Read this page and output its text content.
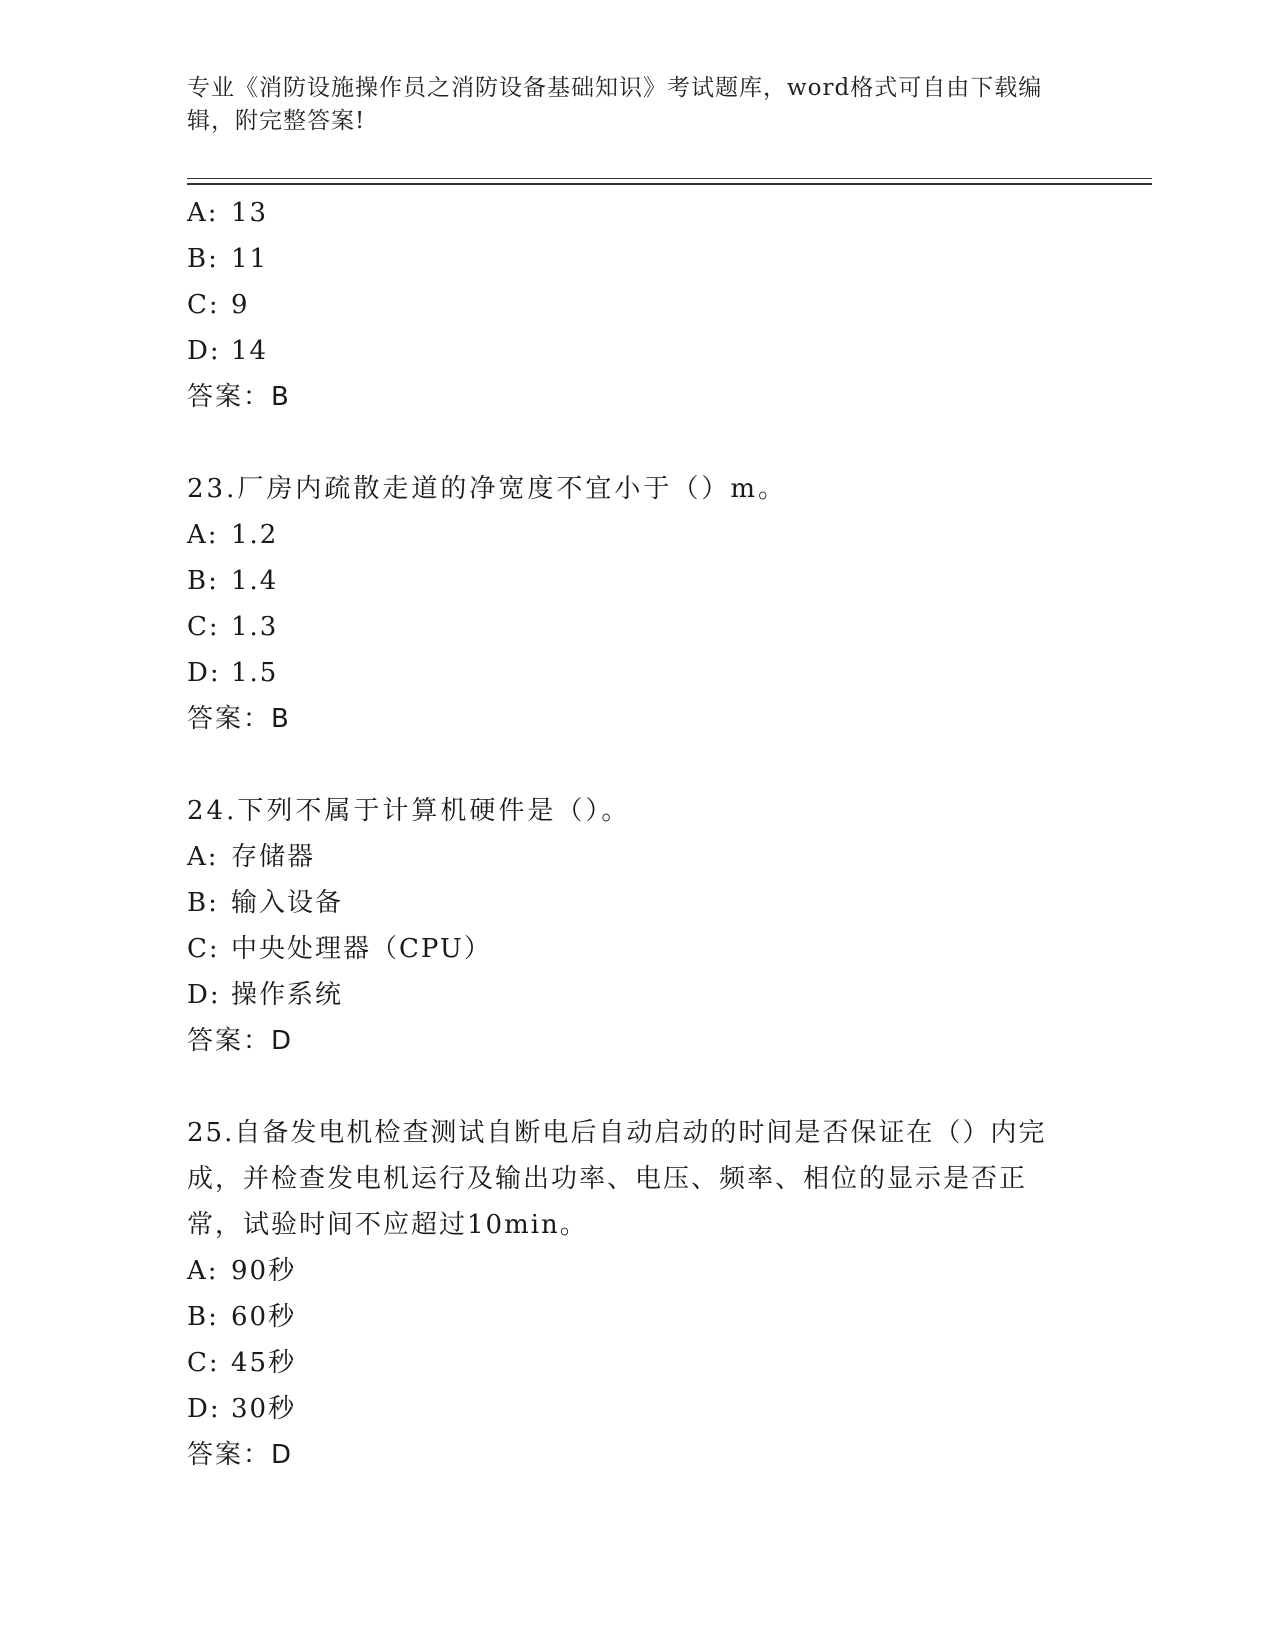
专业《消防设施操作员之消防设备基础知识》考试题库，word格式可自由下载编
辑，附完整答案!
A: 13
B: 11
C: 9
D: 14
答案：B
23.厂房内疏散走道的净宽度不宜小于（）m。
A: 1.2
B: 1.4
C: 1.3
D: 1.5
答案：B
24.下列不属于计算机硬件是（）。
A: 存储器
B: 输入设备
C: 中央处理器（CPU）
D: 操作系统
答案：D
25.自备发电机检查测试自断电后自动启动的时间是否保证在（）内完
成，并检查发电机运行及输出功率、电压、频率、相位的显示是否正
常，试验时间不应超过10min。
A: 90秒
B: 60秒
C: 45秒
D: 30秒
答案：D
